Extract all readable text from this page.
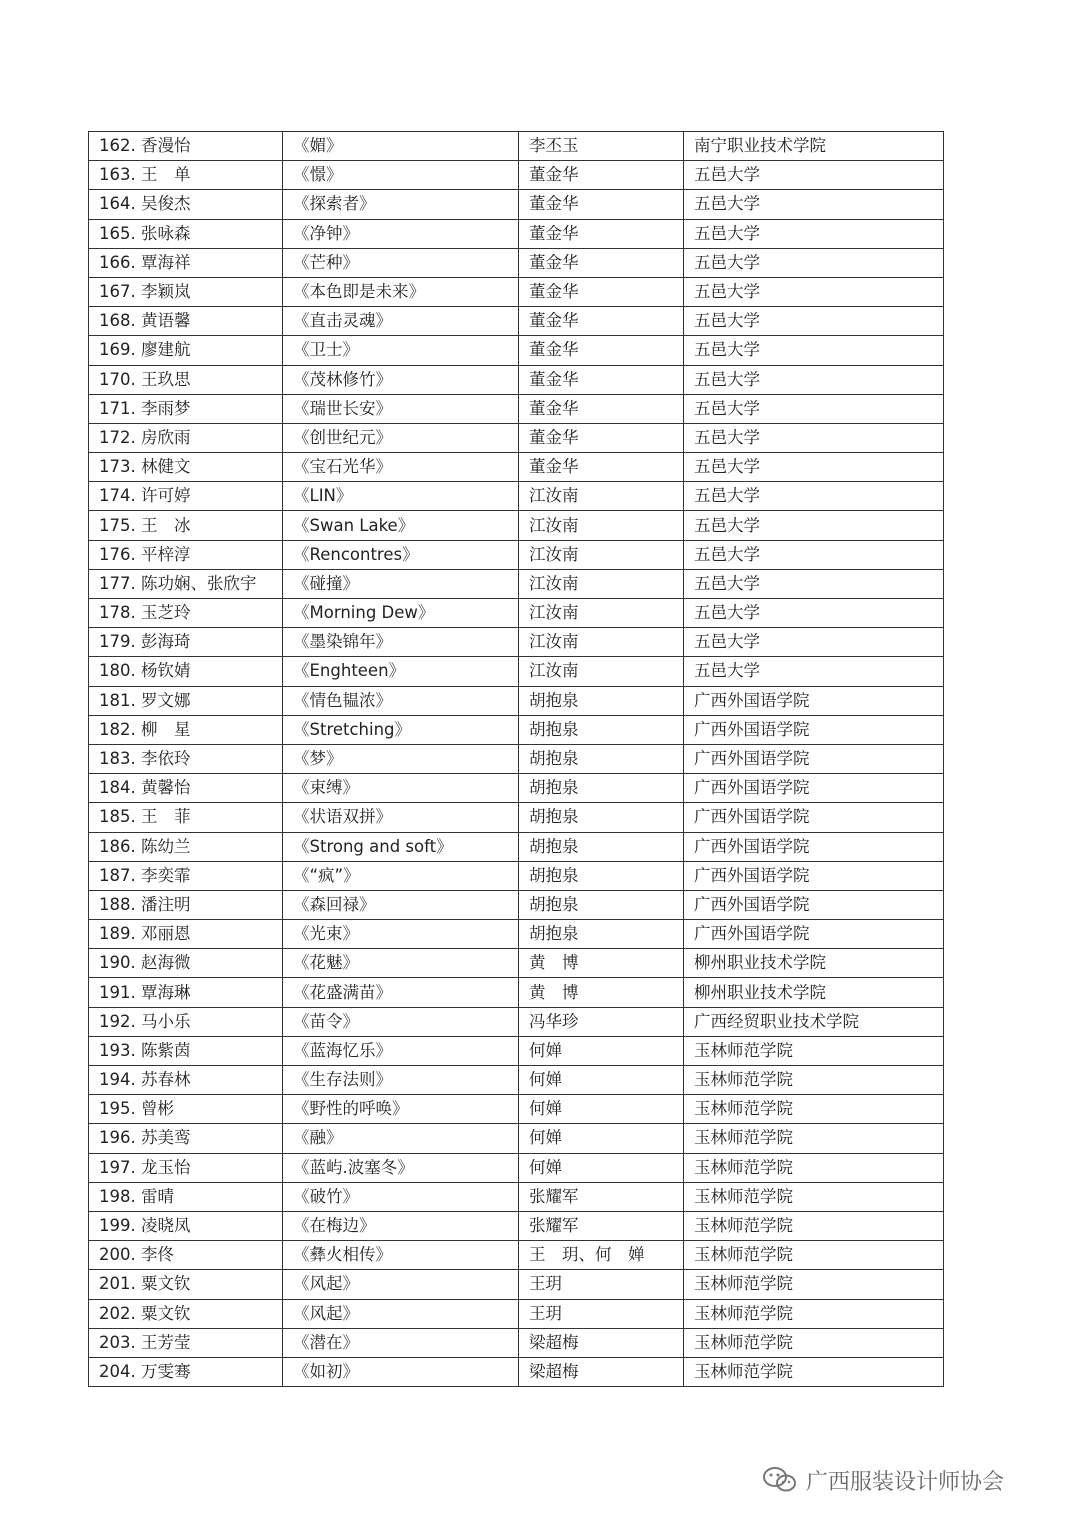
162. 香漫怡	《媚》	李丕玉	南宁职业技术学院
163. 王　单	《憬》	董金华	五邑大学
164. 吴俊杰	《探索者》	董金华	五邑大学
165. 张咏森	《净钟》	董金华	五邑大学
166. 覃海祥	《芒种》	董金华	五邑大学
167. 李颖岚	《本色即是未来》	董金华	五邑大学
168. 黄语馨	《直击灵魂》	董金华	五邑大学
169. 廖建航	《卫士》	董金华	五邑大学
170. 王玖思	《茂林修竹》	董金华	五邑大学
171. 李雨梦	《瑞世长安》	董金华	五邑大学
172. 房欣雨	《创世纪元》	董金华	五邑大学
173. 林健文	《宝石光华》	董金华	五邑大学
174. 许可婷	《LIN》	江汝南	五邑大学
175. 王　冰	《Swan Lake》	江汝南	五邑大学
176. 平梓淳	《Rencontres》	江汝南	五邑大学
177. 陈功娴、张欣宇	《碰撞》	江汝南	五邑大学
178. 玉芝玲	《Morning Dew》	江汝南	五邑大学
179. 彭海琦	《墨染锦年》	江汝南	五邑大学
180. 杨钦婧	《Enghteen》	江汝南	五邑大学
181. 罗文娜	《情色韫浓》	胡抱泉	广西外国语学院
182. 柳　星	《Stretching》	胡抱泉	广西外国语学院
183. 李依玲	《梦》	胡抱泉	广西外国语学院
184. 黄馨怡	《束缚》	胡抱泉	广西外国语学院
185. 王　菲	《状语双拼》	胡抱泉	广西外国语学院
186. 陈幼兰	《Strong and soft》	胡抱泉	广西外国语学院
187. 李奕霏	《“疯”》	胡抱泉	广西外国语学院
188. 潘注明	《森回禄》	胡抱泉	广西外国语学院
189. 邓丽恩	《光束》	胡抱泉	广西外国语学院
190. 赵海微	《花魅》	黄　博	柳州职业技术学院
191. 覃海琳	《花盛满苗》	黄　博	柳州职业技术学院
192. 马小乐	《苗令》	冯华珍	广西经贸职业技术学院
193. 陈紫茵	《蓝海忆乐》	何婵	玉林师范学院
194. 苏春林	《生存法则》	何婵	玉林师范学院
195. 曾彬	《野性的呼唤》	何婵	玉林师范学院
196. 苏美鸾	《融》	何婵	玉林师范学院
197. 龙玉怡	《蓝屿.波塞冬》	何婵	玉林师范学院
198. 雷晴	《破竹》	张耀军	玉林师范学院
199. 凌晓凤	《在梅边》	张耀军	玉林师范学院
200. 李佟	《彝火相传》	王　玥、何　婵	玉林师范学院
201. 粟文钦	《风起》	王玥	玉林师范学院
202. 粟文钦	《风起》	王玥	玉林师范学院
203. 王芳莹	《潜在》	梁超梅	玉林师范学院
204. 万雯骞	《如初》	梁超梅	玉林师范学院
广西服装设计师协会
